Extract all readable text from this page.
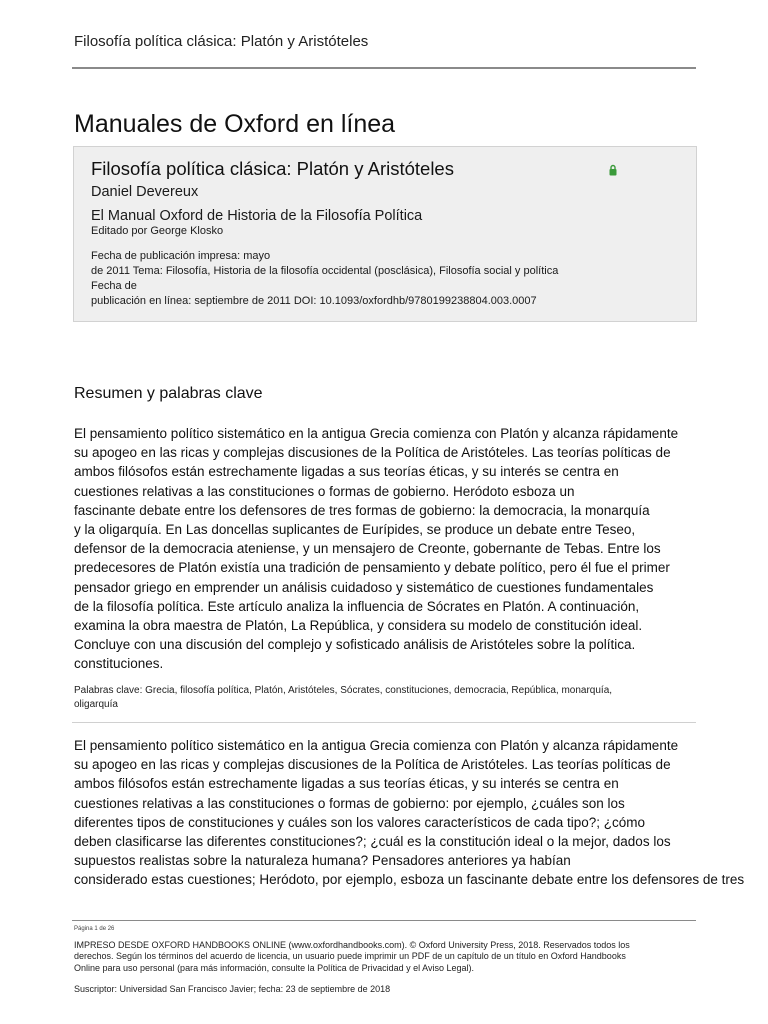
Filosofía política clásica: Platón y Aristóteles
Manuales de Oxford en línea
Filosofía política clásica: Platón y Aristóteles
Daniel Devereux
El Manual Oxford de Historia de la Filosofía Política
Editado por George Klosko
Fecha de publicación impresa: mayo
de 2011 Tema: Filosofía, Historia de la filosofía occidental (posclásica), Filosofía social y política
Fecha de
publicación en línea: septiembre de 2011 DOI: 10.1093/oxfordhb/9780199238804.003.0007
Resumen y palabras clave
El pensamiento político sistemático en la antigua Grecia comienza con Platón y alcanza rápidamente
su apogeo en las ricas y complejas discusiones de la Política de Aristóteles. Las teorías políticas de
ambos filósofos están estrechamente ligadas a sus teorías éticas, y su interés se centra en
cuestiones relativas a las constituciones o formas de gobierno. Heródoto esboza un
fascinante debate entre los defensores de tres formas de gobierno: la democracia, la monarquía
y la oligarquía. En Las doncellas suplicantes de Eurípides, se produce un debate entre Teseo,
defensor de la democracia ateniense, y un mensajero de Creonte, gobernante de Tebas. Entre los
predecesores de Platón existía una tradición de pensamiento y debate político, pero él fue el primer
pensador griego en emprender un análisis cuidadoso y sistemático de cuestiones fundamentales
de la filosofía política. Este artículo analiza la influencia de Sócrates en Platón. A continuación,
examina la obra maestra de Platón, La República, y considera su modelo de constitución ideal.
Concluye con una discusión del complejo y sofisticado análisis de Aristóteles sobre la política.
constituciones.
Palabras clave: Grecia, filosofía política, Platón, Aristóteles, Sócrates, constituciones, democracia, República, monarquía,
oligarquía
El pensamiento político sistemático en la antigua Grecia comienza con Platón y alcanza rápidamente
su apogeo en las ricas y complejas discusiones de la Política de Aristóteles. Las teorías políticas de
ambos filósofos están estrechamente ligadas a sus teorías éticas, y su interés se centra en
cuestiones relativas a las constituciones o formas de gobierno: por ejemplo, ¿cuáles son los
diferentes tipos de constituciones y cuáles son los valores característicos de cada tipo?; ¿cómo
deben clasificarse las diferentes constituciones?; ¿cuál es la constitución ideal o la mejor, dados los
supuestos realistas sobre la naturaleza humana? Pensadores anteriores ya habían
considerado estas cuestiones; Heródoto, por ejemplo, esboza un fascinante debate entre los defensores de tres
Página 1 de 26
IMPRESO DESDE OXFORD HANDBOOKS ONLINE (www.oxfordhandbooks.com). © Oxford University Press, 2018. Reservados todos los
derechos. Según los términos del acuerdo de licencia, un usuario puede imprimir un PDF de un capítulo de un título en Oxford Handbooks
Online para uso personal (para más información, consulte la Política de Privacidad y el Aviso Legal).
Suscriptor: Universidad San Francisco Javier; fecha: 23 de septiembre de 2018
